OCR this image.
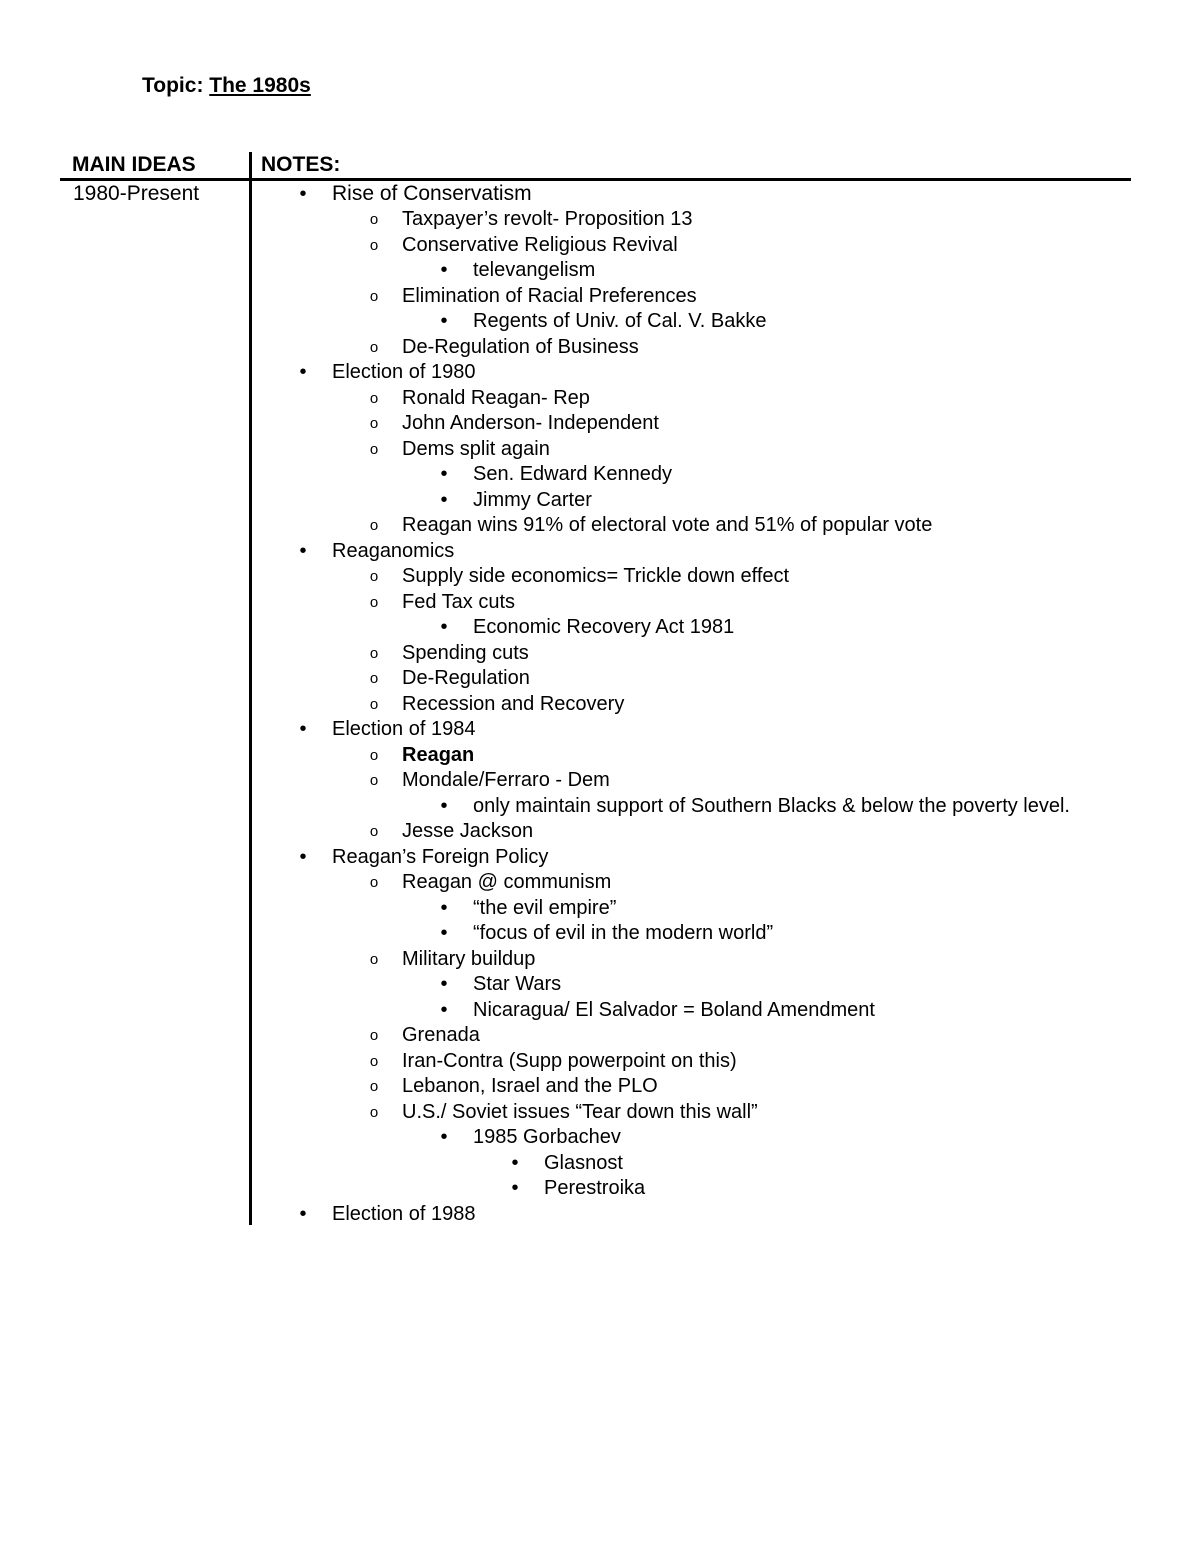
Topic: The 1980s
MAIN IDEAS	NOTES:
1980-Present	•	Rise of Conservatism
o Taxpayer’s revolt- Proposition 13
o Conservative Religious Revival
•	televangelism
o Elimination of Racial Preferences
•	Regents of Univ. of Cal. V. Bakke
o De-Regulation of Business
•	Election of 1980
o Ronald Reagan- Rep
o John Anderson- Independent
o Dems split again
•	Sen. Edward Kennedy
•	Jimmy Carter
o Reagan wins 91% of electoral vote and 51% of popular vote
•	Reaganomics
o Supply side economics= Trickle down effect
o Fed Tax cuts
•	Economic Recovery Act 1981
o Spending cuts
o De-Regulation
o Recession and Recovery
•	Election of 1984
o Reagan
o Mondale/Ferraro - Dem
•	only maintain support of Southern Blacks & below the poverty level.
o Jesse Jackson
•	Reagan’s Foreign Policy
o Reagan @ communism
•	“the evil empire”
•	“focus of evil in the modern world”
o Military buildup
•	Star Wars
•	Nicaragua/ El Salvador = Boland Amendment
o Grenada
o Iran-Contra (Supp powerpoint on this)
o Lebanon, Israel and the PLO
o U.S./ Soviet issues “Tear down this wall”
•	1985 Gorbachev
•	Glasnost
•	Perestroika
•	Election of 1988
